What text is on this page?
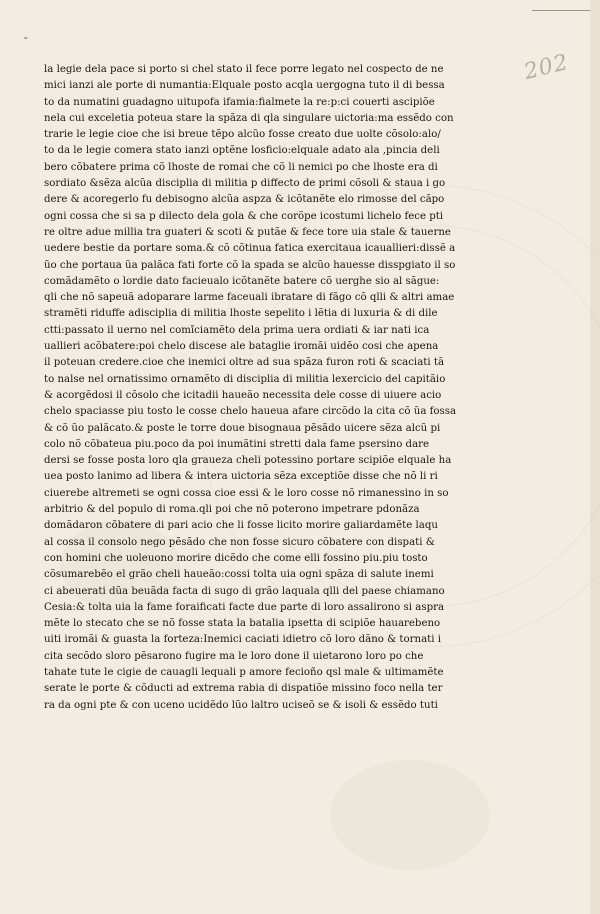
ˇ
202
la legie dela pace si porto si chel stato il fece porre legato nel cospecto de ne
mici ianzi ale porte di numantia:Elquale posto acqla uergogna tuto il di bessa
to da numatini guadagno uitupofa ifamia:fialmete la re:p:ci couerti ascipiõe
nela cui exceletia poteua stare la spãza di qla singulare uictoria:ma essẽdo con
trarie le legie cioe che isi breue tẽpo alcũo fosse creato due uolte cõsolo:alo/
to da le legie comera stato ianzi optẽne losficio:elquale adato ala ,pincia deli
bero cõbatere prima cõ lhoste de romai che cõ li nemici po che lhoste era di
sordiato &sẽza alcũa disciplia di militia p diffecto de primi cõsoli & staua i go
dere & acoregerlo fu debisogno alcũa aspza & icõtanẽte elo rimosse del cãpo
ogni cossa che si sa p dilecto dela gola & che corõpe icostumi lichelo fece pti
re oltre adue millia tra guateri & scoti & putãe & fece tore uia stale & tauerne
uedere bestie da portare soma.& cõ cõtinua fatica exercitaua icauallieri:dissẽ a
ũo che portaua ũa palãca fati forte cõ la spada se alcũo hauesse disspgiato il so
comãdamẽto o lordie dato facieualo icõtanẽte batere cõ uerghe sio al sãgue:
qli che nõ sapeuã adoparare larme faceuali ibratare di fãgo cõ qlli & altri amae
stramẽti riduffe adisciplia di militia lhoste sepelito i lẽtia di luxuria & di dile
ctti:passato il uerno nel comĩciamẽto dela prima uera ordiati & iar nati ica
uallieri acõbatere:poi chelo discese ale bataglie iromãi uidẽo cosi che apena
il poteuan credere.cioe che inemici oltre ad sua spãza furon roti & scaciati tã
to nalse nel ornatissimo ornamẽto di disciplia di militia lexercicio del capitãio
& acorgẽdosi il cõsolo che icitadii haueão necessita dele cosse di uiuere acio
chelo spaciasse piu tosto le cosse chelo haueua afare circõdo la cita cõ ũa fossa
& cõ ũo palãcato.& poste le torre doue bisognaua pẽsãdo uicere sẽza alcũ pi
colo nõ cõbateua piu.poco da poi inumãtini stretti dala fame psersino dare
dersi se fosse posta loro qla graueza cheli potessino portare scipiõe elquale ha
uea posto lanimo ad libera & intera uictoria sẽza exceptiõe disse che nõ li ri
ciuerebe altremeti se ogni cossa cioe essi & le loro cosse nõ rimanessino in so
arbitrio & del populo di roma.qli poi che nõ poterono impetrare pdonãza
domãdaron cõbatere di pari acio che li fosse licito morire galiardamẽte laqu
al cossa il consolo nego pẽsãdo che non fosse sicuro cõbatere con dispati &
con homini che uoleuono morire dicẽdo che come elli fossino piu.piu tosto
cõsumarebẽo el grão cheli haueão:cossi tolta uia ogni spãza di salute inemi
ci abeuerati dũa beuãda facta di sugo di grão laquala qlli del paese chiamano
Cesia:& tolta uia la fame foraificati facte due parte di loro assalirono si aspra
mẽte lo stecato che se nõ fosse stata la batalia ipsetta di scipiõe hauarebeno
uiti iromãi & guasta la forteza:Inemici caciati idietro cõ loro dãno & tornati i
cita secõdo sloro pẽsarono fugire ma le loro done il uietarono loro po che
tahate tute le cigie de cauagli lequali p amore fecioño qsl male & ultimamẽte
serate le porte & cõducti ad extrema rabia di dispatiõe missino foco nella ter
ra da ogni pte & con uceno ucidẽdo lũo laltro uciseõ se & isoli & essẽdo tuti
